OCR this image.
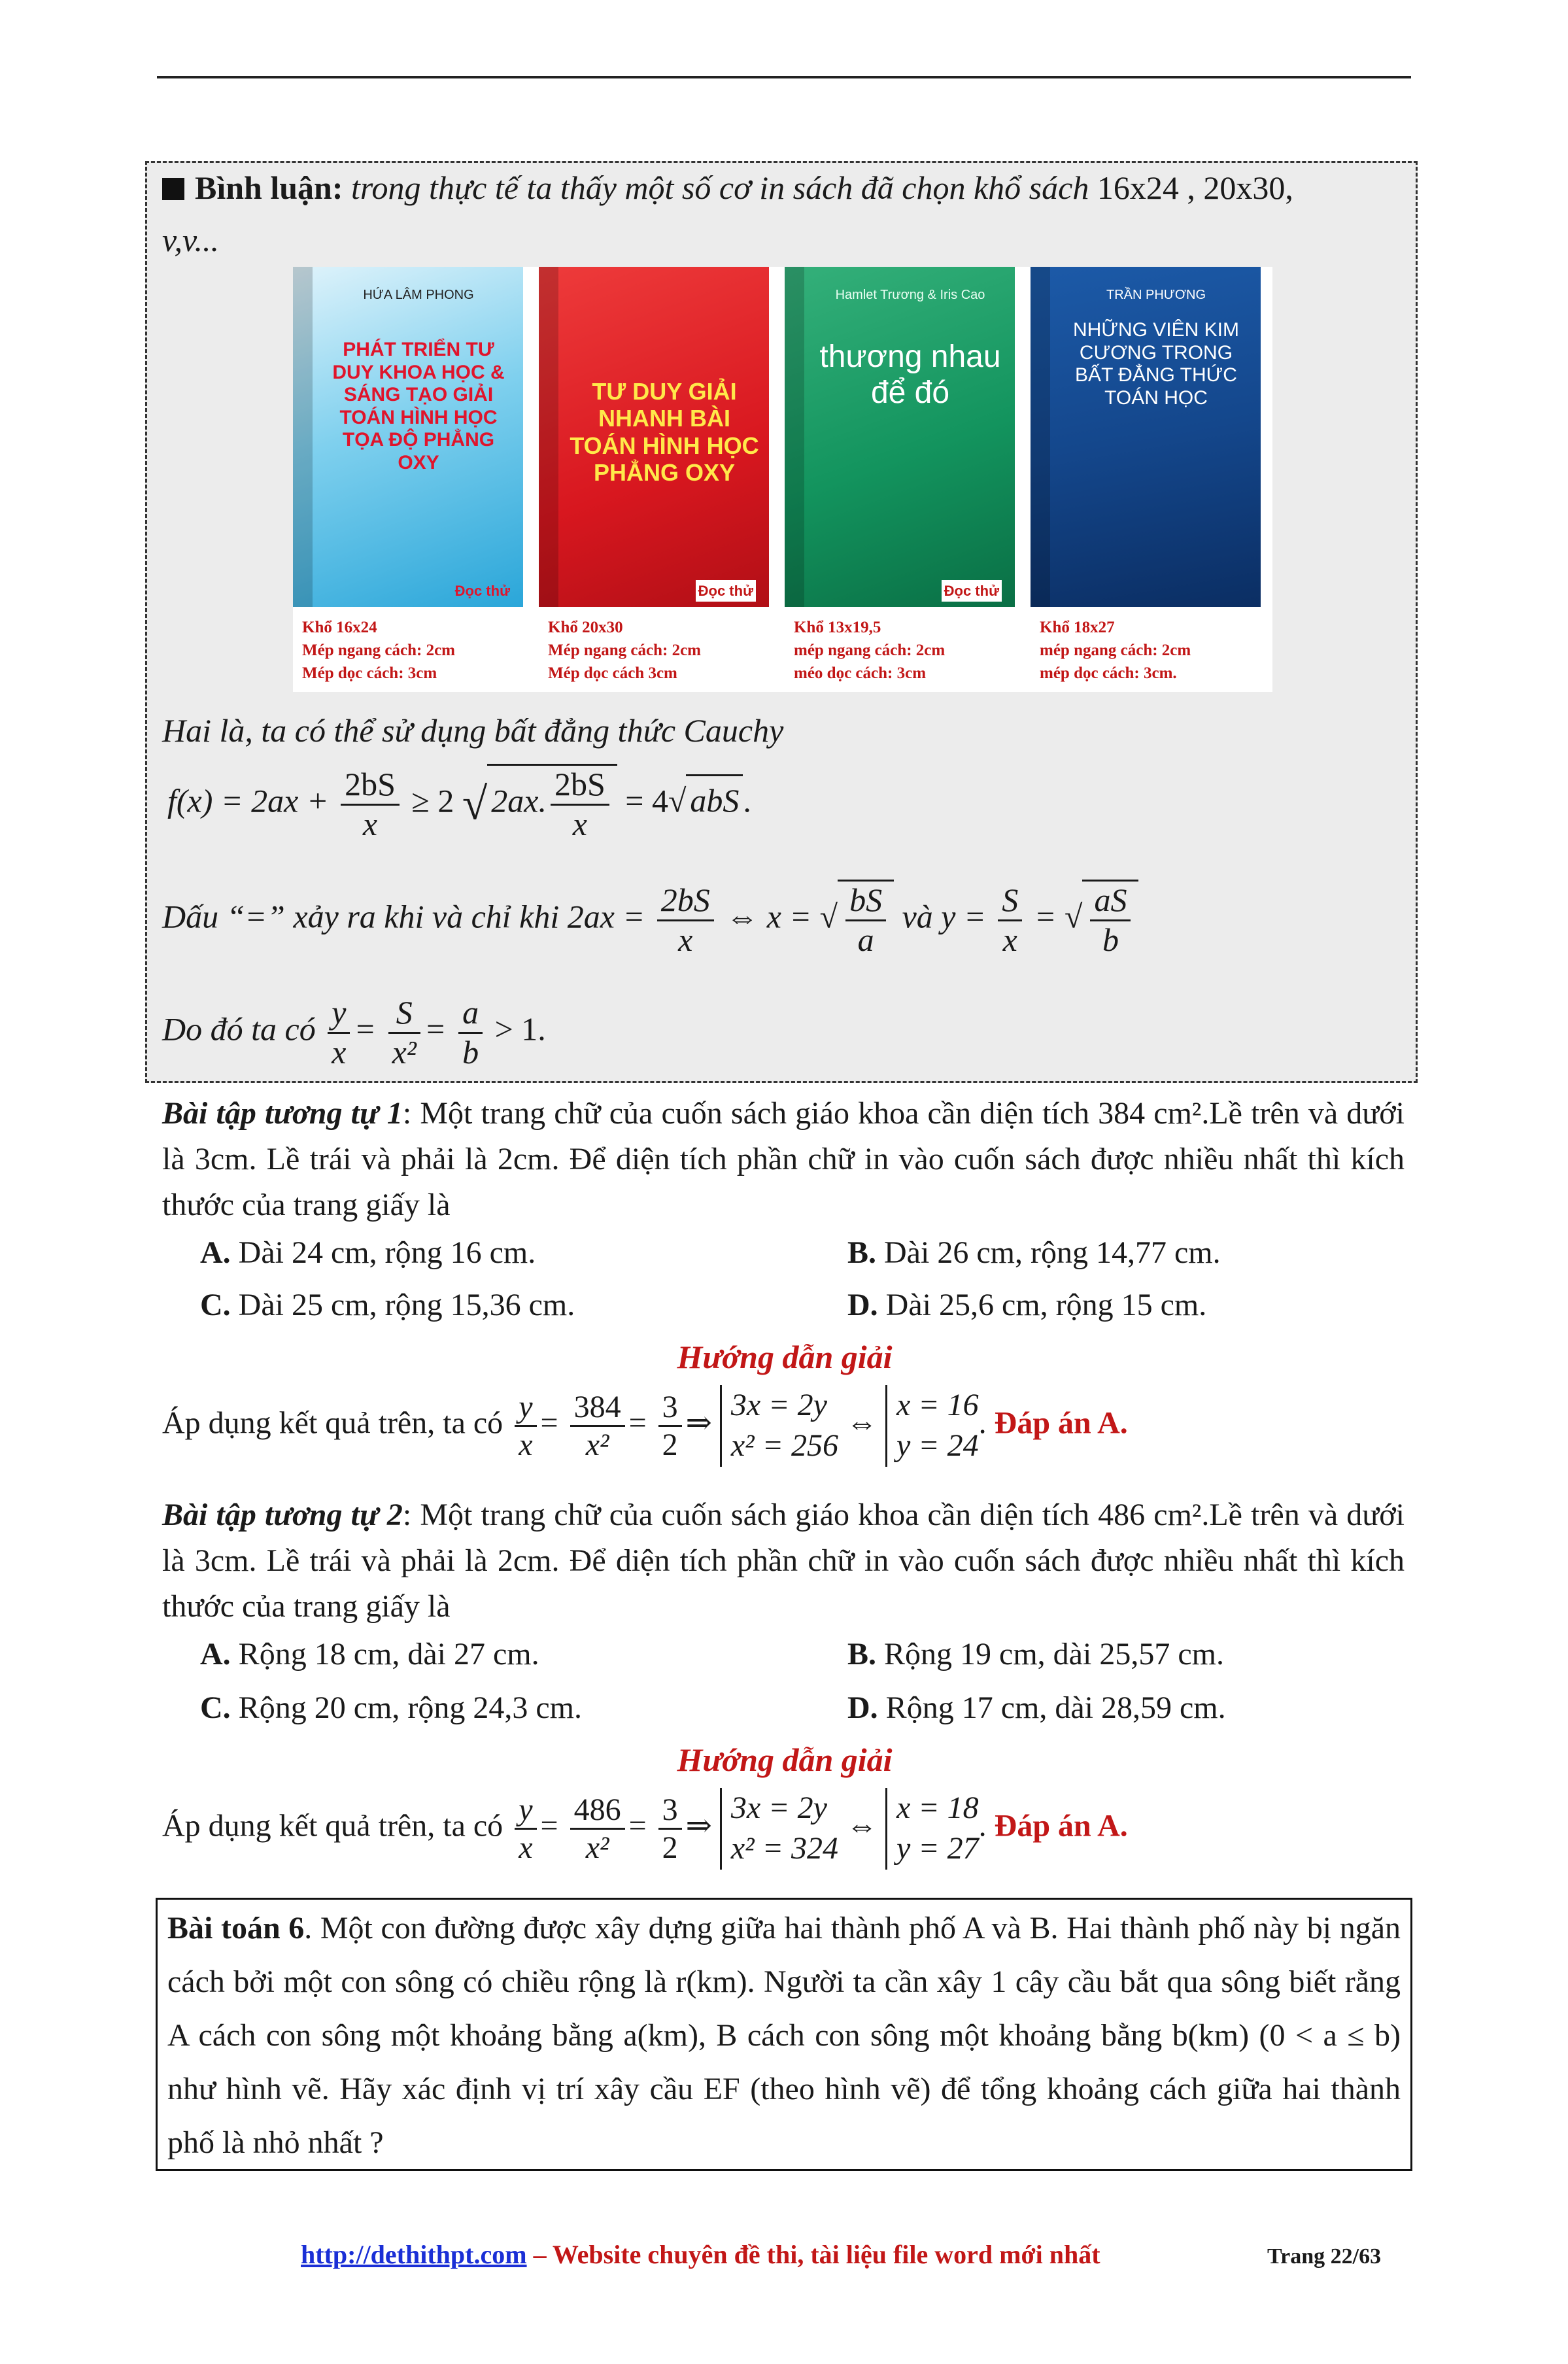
Bình luận: trong thực tế ta thấy một số cơ in sách đã chọn khổ sách 16x24 , 20x30,
v,v...
HỨA LÂM PHONG
PHÁT TRIỂN TƯ DUY KHOA HỌC & SÁNG TẠO GIẢI TOÁN HÌNH HỌC TỌA ĐỘ PHẲNG OXY
Đọc thử
Khổ 16x24
Mép ngang cách: 2cm
Mép dọc cách: 3cm
TƯ DUY GIẢI NHANH BÀI TOÁN HÌNH HỌC PHẲNG OXY
Đọc thử
Khổ 20x30
Mép ngang cách: 2cm
Mép dọc cách 3cm
Hamlet Trương & Iris Cao
thương nhau để đó
Đọc thử
Khổ 13x19,5
mép ngang cách: 2cm
méo dọc cách: 3cm
TRẦN PHƯƠNG
NHỮNG VIÊN KIM CƯƠNG TRONG BẤT ĐẲNG THỨC TOÁN HỌC
Khổ 18x27
mép ngang cách: 2cm
mép dọc cách: 3cm.
Hai là, ta có thể sử dụng bất đẳng thức Cauchy
$f(x) = 2ax + \frac{2bS}{x} \ge 2$ √ 2ax. $\frac{2bS}{x} = 4√$ abS .
Dấu “=” xảy ra khi và chỉ khi $2ax = \frac{2bS}{x}$ ⇔ x = √ $\frac{bS}{a}$ và $y = \frac{S}{x}$ = √ $\frac{aS}{b}$
Do đó ta có $\frac{y}{x} = \frac{S}{\text{x²}} = \frac{a}{b} > 1$.
Bài tập tương tự 1: Một trang chữ của cuốn sách giáo khoa cần diện tích 384 cm².Lề trên và dưới là 3cm. Lề trái và phải là 2cm. Để diện tích phần chữ in vào cuốn sách được nhiều nhất thì kích thước của trang giấy là
A. Dài 24 cm, rộng 16 cm.	B. Dài 26 cm, rộng 14,77 cm.
C. Dài 25 cm, rộng 15,36 cm.	D. Dài 25,6 cm, rộng 15 cm.
Hướng dẫn giải
Áp dụng kết quả trên, ta có $\frac{y}{x} = \frac{384}{\text{x²}} = \frac{3}{2}$ ⇒
3x = 2y
x² = 256
⇔
x = 16
y = 24
. Đáp án A.
Bài tập tương tự 2: Một trang chữ của cuốn sách giáo khoa cần diện tích 486 cm².Lề trên và dưới là 3cm. Lề trái và phải là 2cm. Để diện tích phần chữ in vào cuốn sách được nhiều nhất thì kích thước của trang giấy là
A. Rộng 18 cm, dài 27 cm.	B. Rộng 19 cm, dài 25,57 cm.
C. Rộng 20 cm, rộng 24,3 cm.	D. Rộng 17 cm, dài 28,59 cm.
Hướng dẫn giải
Áp dụng kết quả trên, ta có $\frac{y}{x} = \frac{486}{\text{x²}} = \frac{3}{2}$ ⇒
3x = 2y
x² = 324
⇔
x = 18
y = 27
. Đáp án A.
Bài toán 6. Một con đường được xây dựng giữa hai thành phố A và B. Hai thành phố này bị ngăn cách bởi một con sông có chiều rộng là r(km). Người ta cần xây 1 cây cầu bắt qua sông biết rằng A cách con sông một khoảng bằng a(km), B cách con sông một khoảng bằng b(km) (0 < a ≤ b) như hình vẽ. Hãy xác định vị trí xây cầu EF (theo hình vẽ) để tổng khoảng cách giữa hai thành phố là nhỏ nhất ?
http://dethithpt.com – Website chuyên đề thi, tài liệu file word mới nhất	Trang 22/63
